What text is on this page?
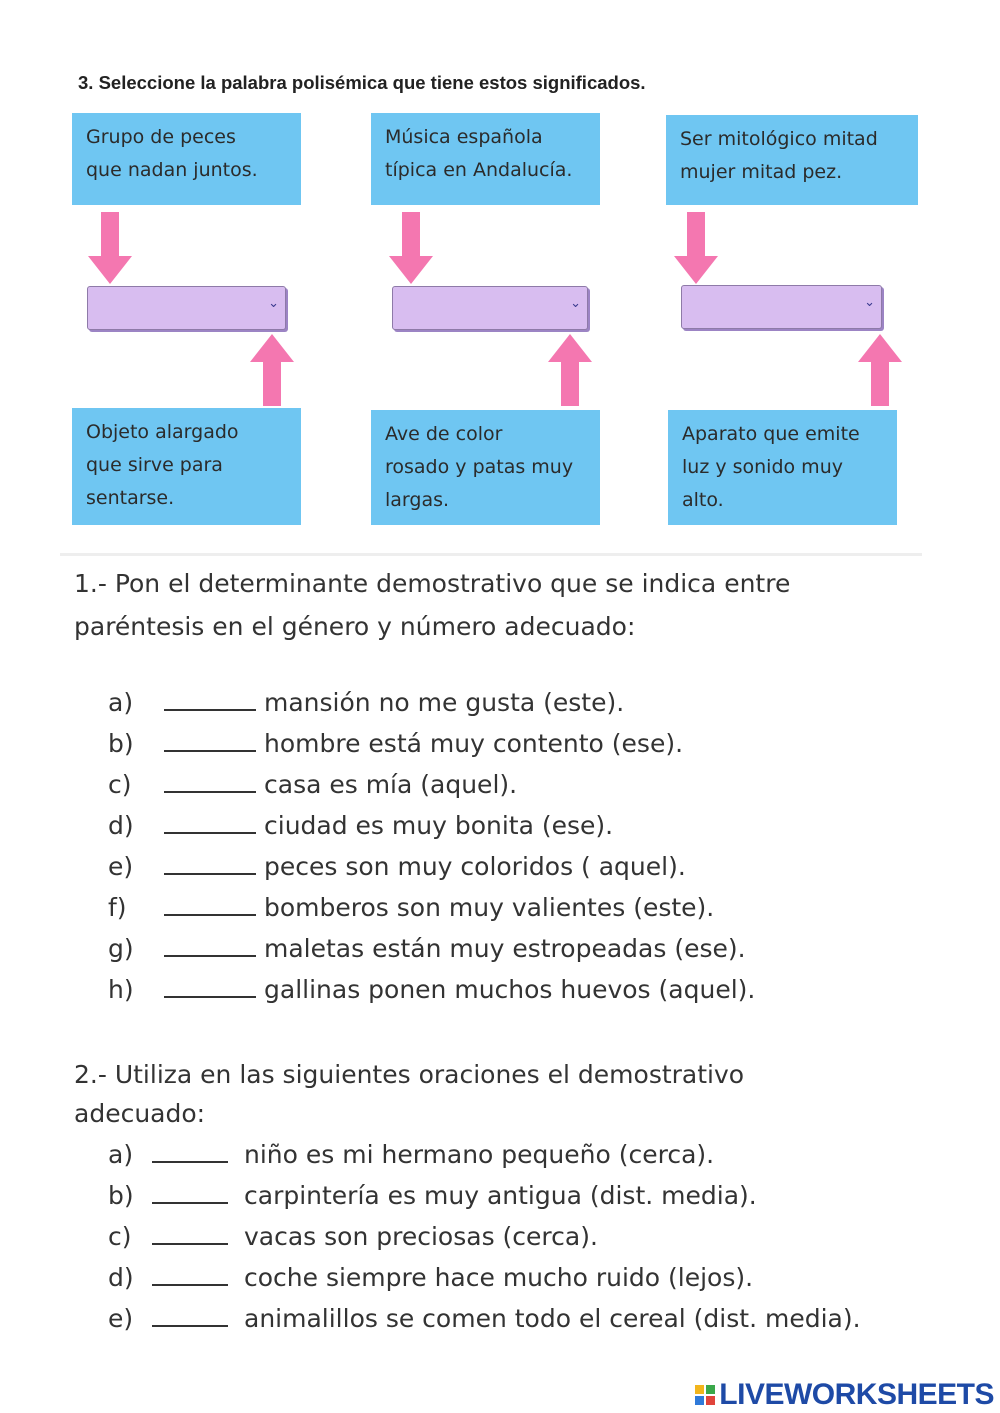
3. Seleccione la palabra polisémica que tiene estos significados.
Grupo de peces
que nadan juntos.
⌄
Objeto alargado
que sirve para
sentarse.
Música española
típica en Andalucía.
⌄
Ave de color
rosado y patas muy
largas.
Ser mitológico mitad
mujer mitad pez.
⌄
Aparato que emite
luz y sonido muy
alto.
1.- Pon el determinante demostrativo que se indica entre
paréntesis en el género y número adecuado:
a)	mansión no me gusta (este).
b)	hombre está muy contento (ese).
c)	casa es mía (aquel).
d)	ciudad es muy bonita (ese).
e)	peces son muy coloridos ( aquel).
f)	bomberos son muy valientes (este).
g)	maletas están muy estropeadas (ese).
h)	gallinas ponen muchos huevos (aquel).
2.- Utiliza en las siguientes oraciones el demostrativo
adecuado:
a)	niño es mi hermano pequeño (cerca).
b)	carpintería es muy antigua (dist. media).
c)	vacas son preciosas (cerca).
d)	coche siempre hace mucho ruido (lejos).
e)	animalillos se comen todo el cereal (dist. media).
LIVEWORKSHEETS
